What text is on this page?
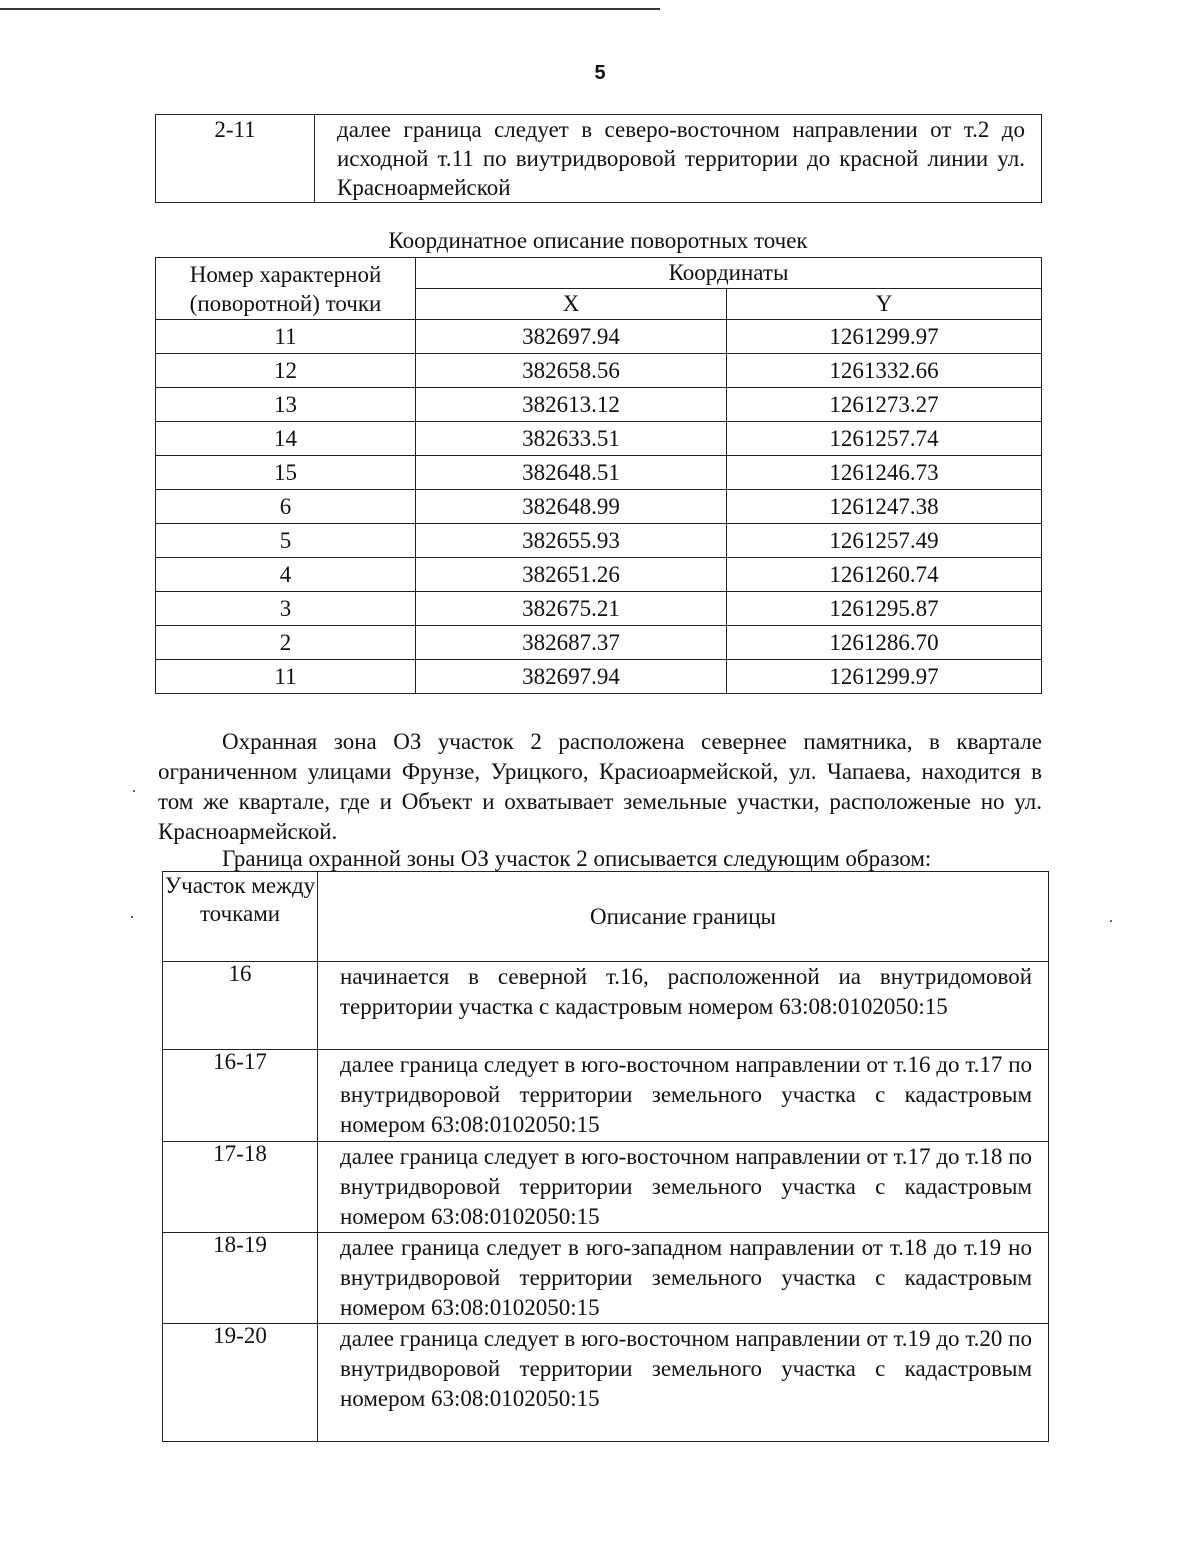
5
2-11	далее граница следует в северо-восточном направлении от т.2 до исходной т.11 по виутридворовой территории до красной линии ул. Красноармейской
Координатное описание поворотных точек
Номер характерной (поворотной) точки	Координаты	
	X	Y
11	382697.94	1261299.97
12	382658.56	1261332.66
13	382613.12	1261273.27
14	382633.51	1261257.74
15	382648.51	1261246.73
6	382648.99	1261247.38
5	382655.93	1261257.49
4	382651.26	1261260.74
3	382675.21	1261295.87
2	382687.37	1261286.70
11	382697.94	1261299.97

Охранная зона ОЗ участок 2 расположена севернее памятника, в квартале ограниченном улицами Фрунзе, Урицкого, Красиоармейской, ул. Чапаева, находится в том же квартале, где и Объект и охватывает земельные участки, расположеные но ул. Красноармейской.

Граница охранной зоны ОЗ участок 2 описывается следующим образом:
Участок между точками	Описание границы
16	начинается в северной т.16, расположенной иа внутридомовой территории участка с кадастровым номером 63:08:0102050:15
16-17	далее граница следует в юго-восточном направлении от т.16 до т.17 по внутридворовой территории земельного участка с кадастровым номером 63:08:0102050:15
17-18	далее граница следует в юго-восточном направлении от т.17 до т.18 по внутридворовой территории земельного участка с кадастровым номером 63:08:0102050:15
18-19	далее граница следует в юго-западном направлении от т.18 до т.19 но внутридворовой территории земельного участка с кадастровым номером 63:08:0102050:15
19-20	далее граница следует в юго-восточном направлении от т.19 до т.20 по внутридворовой территории земельного участка с кадастровым номером 63:08:0102050:15
